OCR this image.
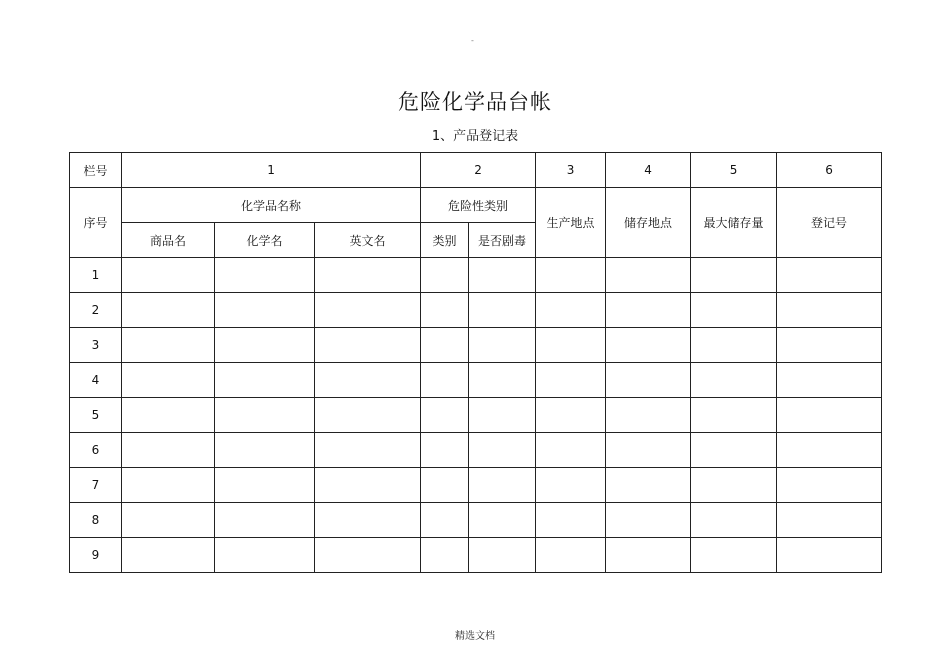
-
危险化学品台帐
1、产品登记表
栏号	1			2		3	4	5	6
序号	化学品名称			危险性类别		生产地点	储存地点	最大储存量	登记号
	商品名	化学名	英文名	类别	是否剧毒				
1									
2									
3									
4									
5									
6									
7									
8									
9									
精选文档
